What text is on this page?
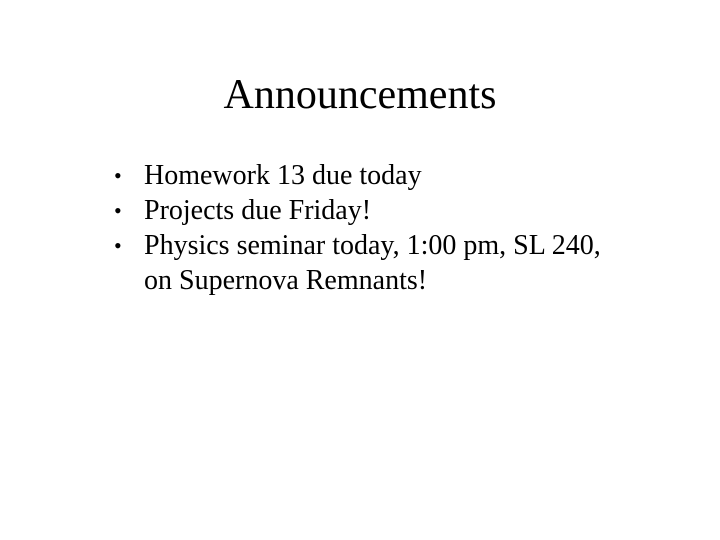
Announcements
• Homework 13 due today
• Projects due Friday!
• Physics seminar today, 1:00 pm, SL 240, on Supernova Remnants!
